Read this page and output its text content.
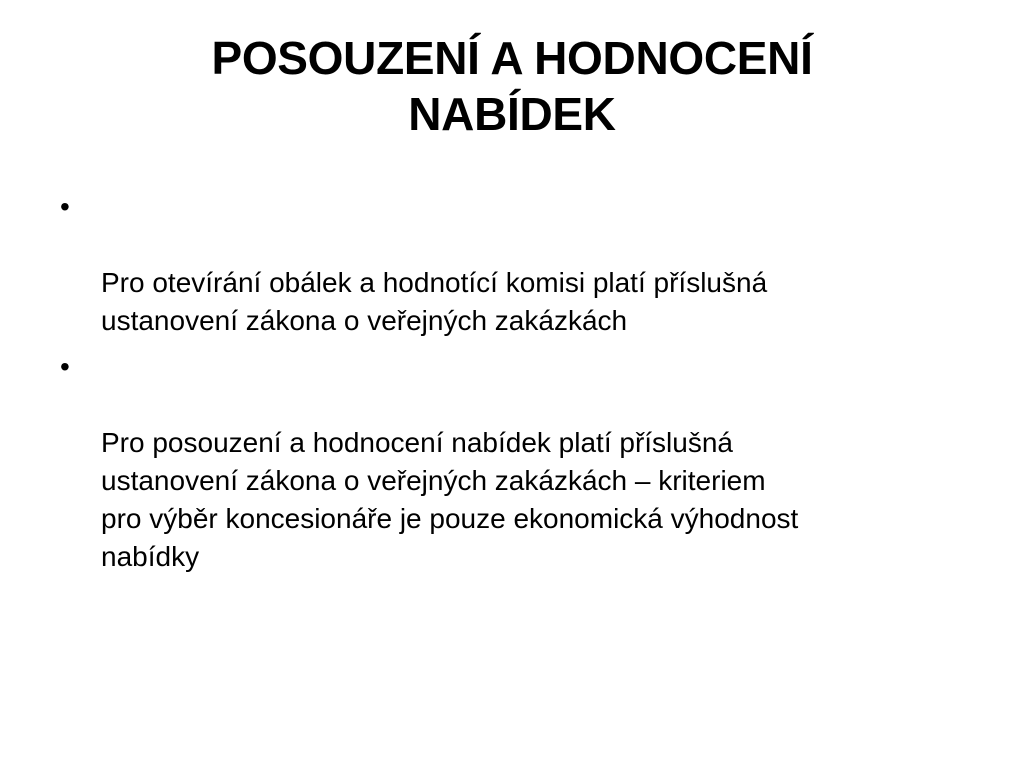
POSOUZENÍ A HODNOCENÍ
NABÍDEK

•

Pro otevírání obálek a hodnotící komisi platí příslušná
ustanovení zákona o veřejných zakázkách

•

Pro posouzení a hodnocení nabídek platí příslušná
ustanovení zákona o veřejných zakázkách – kriteriem
pro výběr koncesionáře je pouze ekonomická výhodnost
nabídky
